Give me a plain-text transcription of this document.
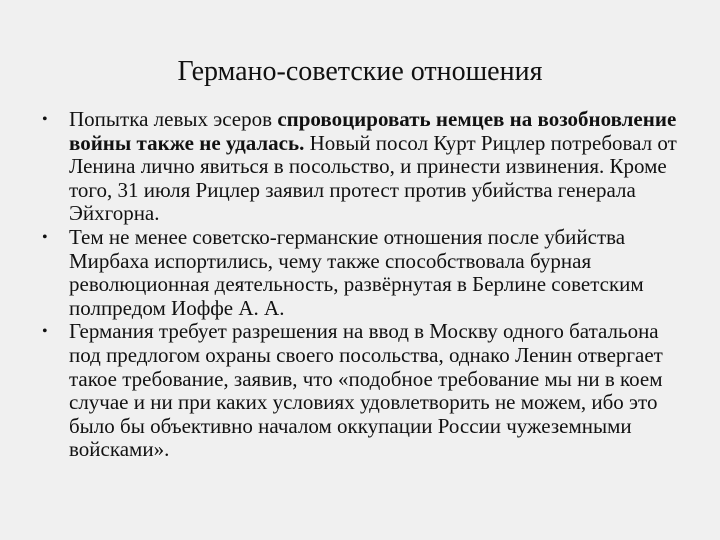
Германо-советские отношения
•	Попытка левых эсеров спровоцировать немцев на возобновление войны также не удалась. Новый посол Курт Рицлер потребовал от Ленина лично явиться в посольство, и принести извинения. Кроме того, 31 июля Рицлер заявил протест против убийства генерала Эйхгорна.
•	Тем не менее советско-германские отношения после убийства Мирбаха испортились, чему также способствовала бурная революционная деятельность, развёрнутая в Берлине советским полпредом Иоффе А. А.
•	Германия требует разрешения на ввод в Москву одного батальона под предлогом охраны своего посольства, однако Ленин отвергает такое требование, заявив, что «подобное требование мы ни в коем случае и ни при каких условиях удовлетворить не можем, ибо это было бы объективно началом оккупации России чужеземными войсками».
